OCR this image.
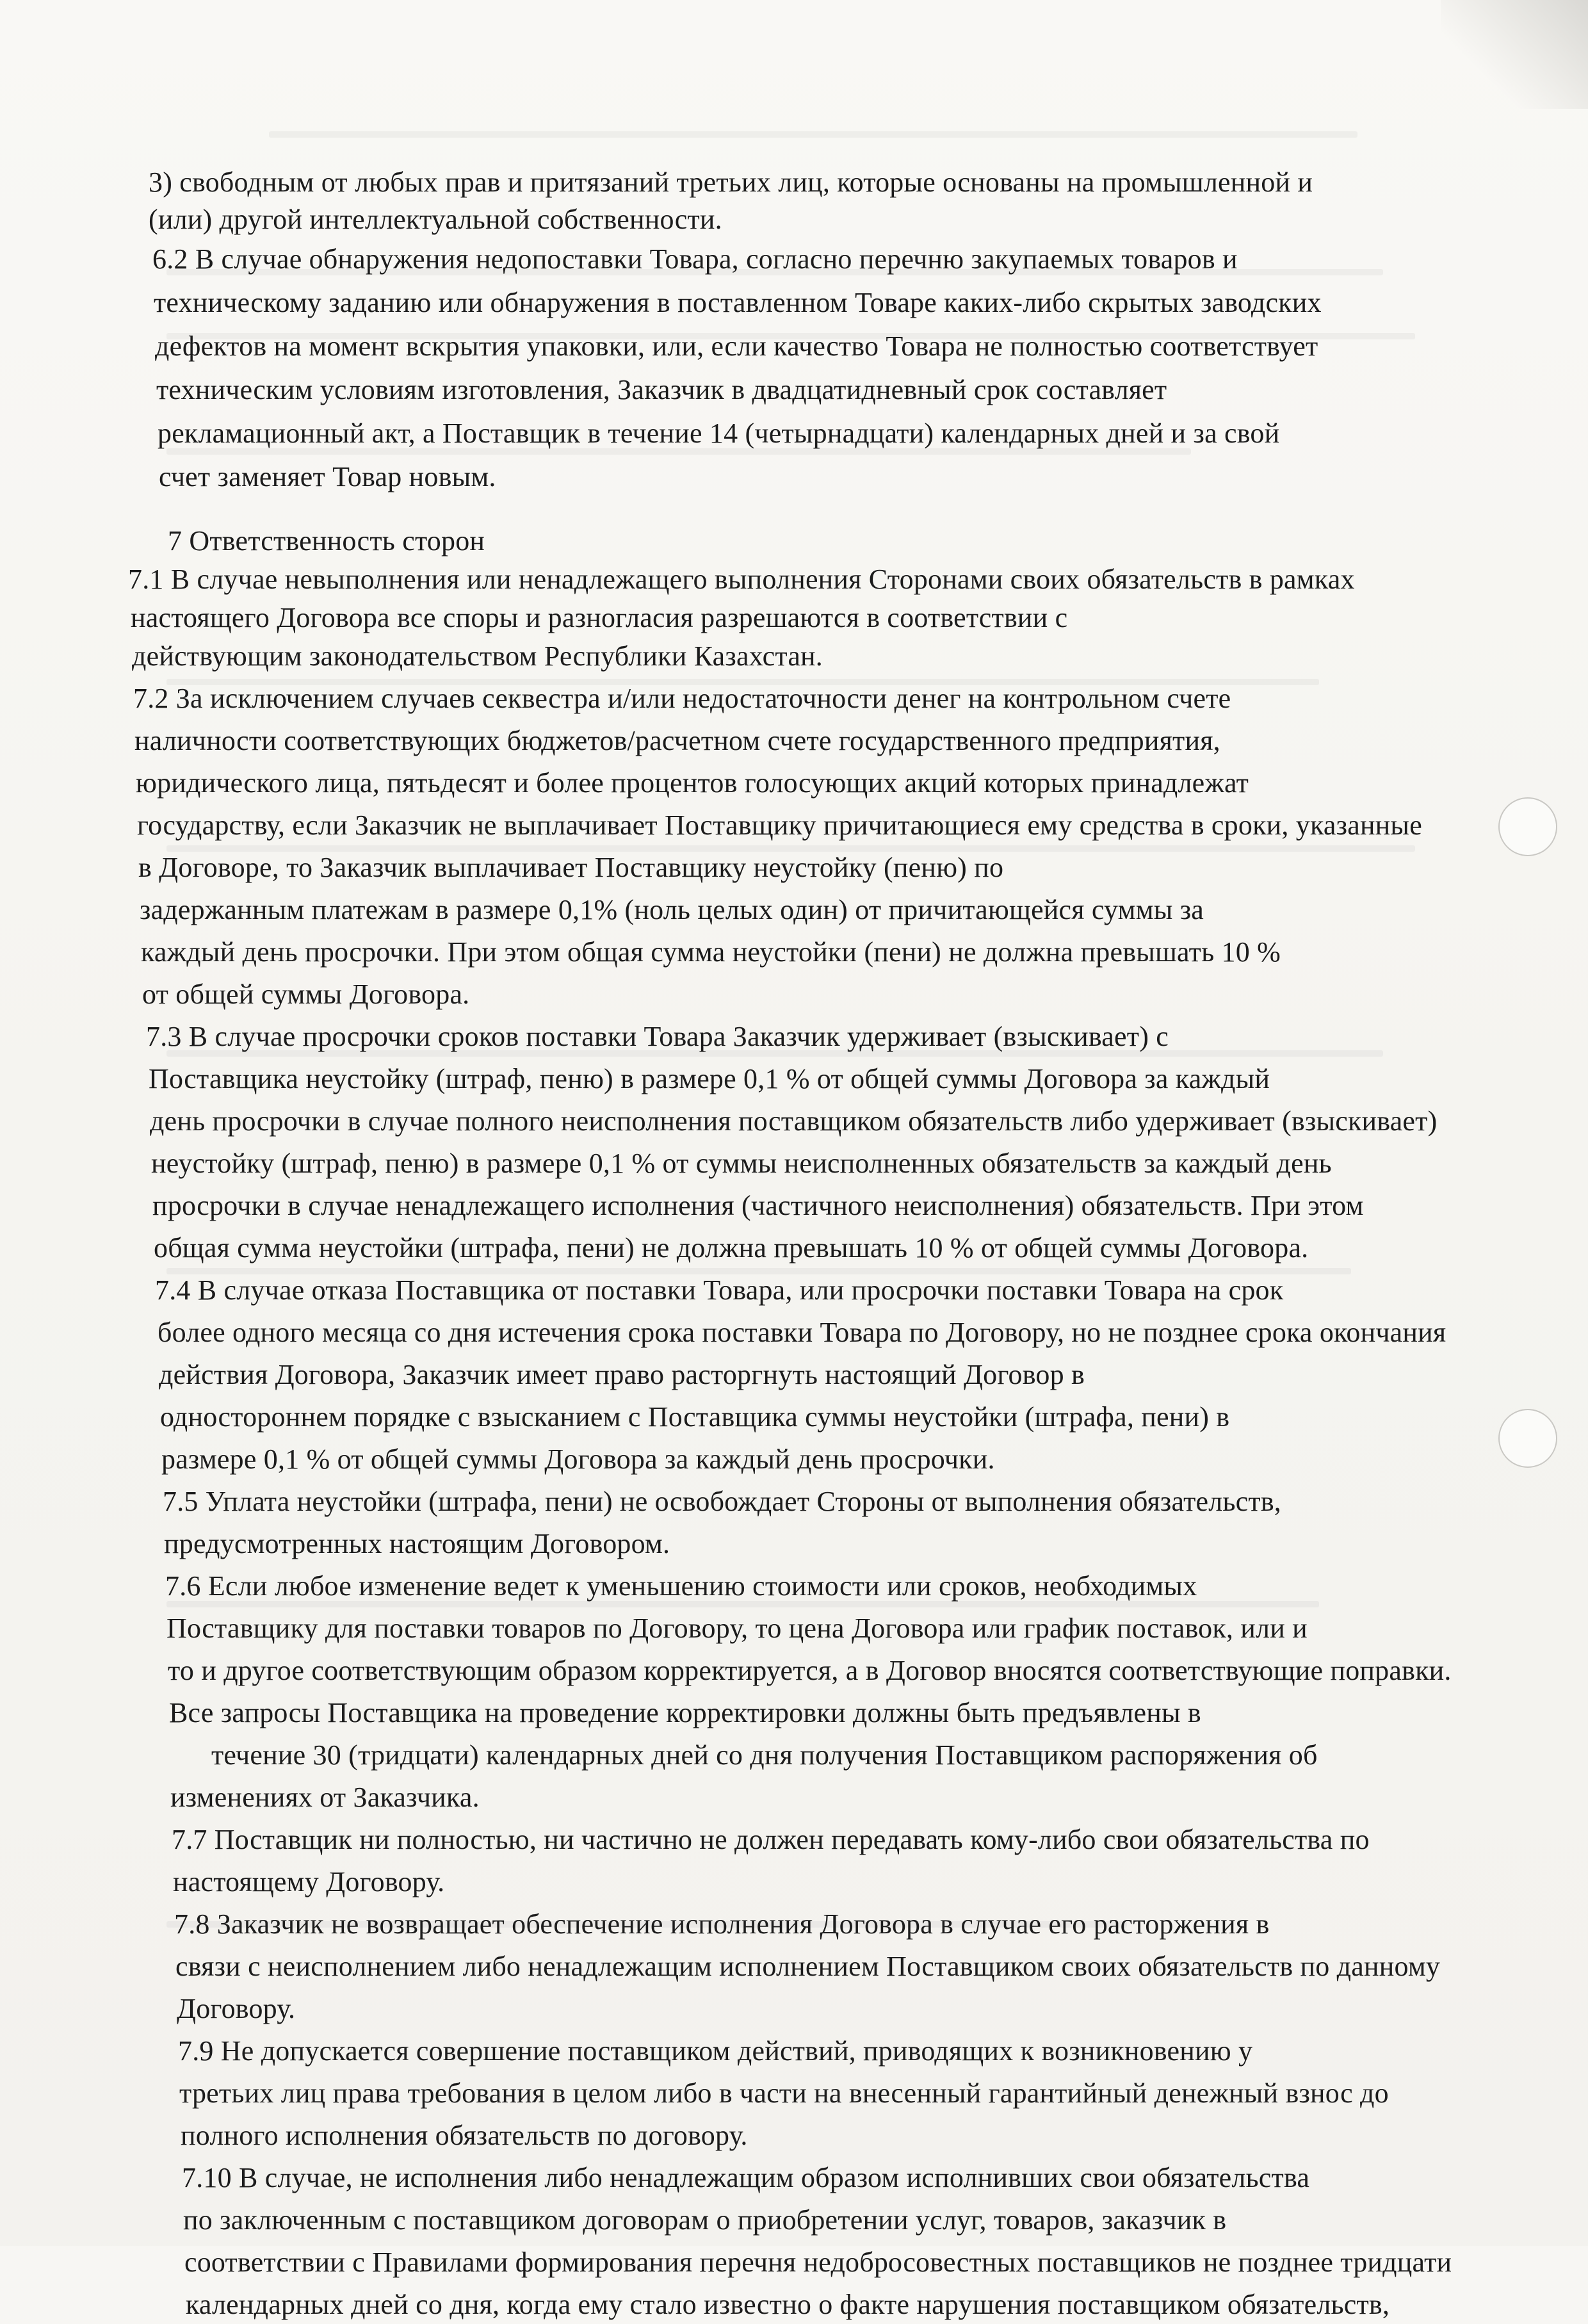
3) свободным от любых прав и притязаний третьих лиц, которые основаны на промышленной и
(или) другой интеллектуальной собственности.
6.2 В случае обнаружения недопоставки Товара, согласно перечню закупаемых товаров и
техническому заданию или обнаружения в поставленном Товаре каких-либо скрытых заводских
дефектов на момент вскрытия упаковки, или, если качество Товара не полностью соответствует
техническим условиям изготовления, Заказчик в двадцатидневный срок составляет
рекламационный акт, а Поставщик в течение 14 (четырнадцати) календарных дней и за свой
счет заменяет Товар новым.
7 Ответственность сторон
7.1 В случае невыполнения или ненадлежащего выполнения Сторонами своих обязательств в рамках
настоящего Договора все споры и разногласия разрешаются в соответствии с
действующим законодательством Республики Казахстан.
7.2 За исключением случаев секвестра и/или недостаточности денег на контрольном счете
наличности соответствующих бюджетов/расчетном счете государственного предприятия,
юридического лица, пятьдесят и более процентов голосующих акций которых принадлежат
государству, если Заказчик не выплачивает Поставщику причитающиеся ему средства в сроки, указанные
в Договоре, то Заказчик выплачивает Поставщику неустойку (пеню) по
задержанным платежам в размере 0,1% (ноль целых один) от причитающейся суммы за
каждый день просрочки. При этом общая сумма неустойки (пени) не должна превышать 10 %
от общей суммы Договора.
7.3 В случае просрочки сроков поставки Товара Заказчик удерживает (взыскивает) с
Поставщика неустойку (штраф, пеню) в размере 0,1 % от общей суммы Договора за каждый
день просрочки в случае полного неисполнения поставщиком обязательств либо удерживает (взыскивает)
неустойку (штраф, пеню) в размере 0,1 % от суммы неисполненных обязательств за каждый день
просрочки в случае ненадлежащего исполнения (частичного неисполнения) обязательств. При этом
общая сумма неустойки (штрафа, пени) не должна превышать 10 % от общей суммы Договора.
7.4 В случае отказа Поставщика от поставки Товара, или просрочки поставки Товара на срок
более одного месяца со дня истечения срока поставки Товара по Договору, но не позднее срока окончания
действия Договора, Заказчик имеет право расторгнуть настоящий Договор в
одностороннем порядке с взысканием с Поставщика суммы неустойки (штрафа, пени) в
размере 0,1 % от общей суммы Договора за каждый день просрочки.
7.5 Уплата неустойки (штрафа, пени) не освобождает Стороны от выполнения обязательств,
предусмотренных настоящим Договором.
7.6 Если любое изменение ведет к уменьшению стоимости или сроков, необходимых
Поставщику для поставки товаров по Договору, то цена Договора или график поставок, или и
то и другое соответствующим образом корректируется, а в Договор вносятся соответствующие поправки.
Все запросы Поставщика на проведение корректировки должны быть предъявлены в
течение 30 (тридцати) календарных дней со дня получения Поставщиком распоряжения об
изменениях от Заказчика.
7.7 Поставщик ни полностью, ни частично не должен передавать кому-либо свои обязательства по
настоящему Договору.
7.8 Заказчик не возвращает обеспечение исполнения Договора в случае его расторжения в
связи с неисполнением либо ненадлежащим исполнением Поставщиком своих обязательств по данному
Договору.
7.9 Не допускается совершение поставщиком действий, приводящих к возникновению у
третьих лиц права требования в целом либо в части на внесенный гарантийный денежный взнос до
полного исполнения обязательств по договору.
7.10 В случае, не исполнения либо ненадлежащим образом исполнивших свои обязательства
по заключенным с поставщиком договорам о приобретении услуг, товаров, заказчик в
соответствии с Правилами формирования перечня недобросовестных поставщиков не позднее тридцати
календарных дней со дня, когда ему стало известно о факте нарушения поставщиком обязательств,
